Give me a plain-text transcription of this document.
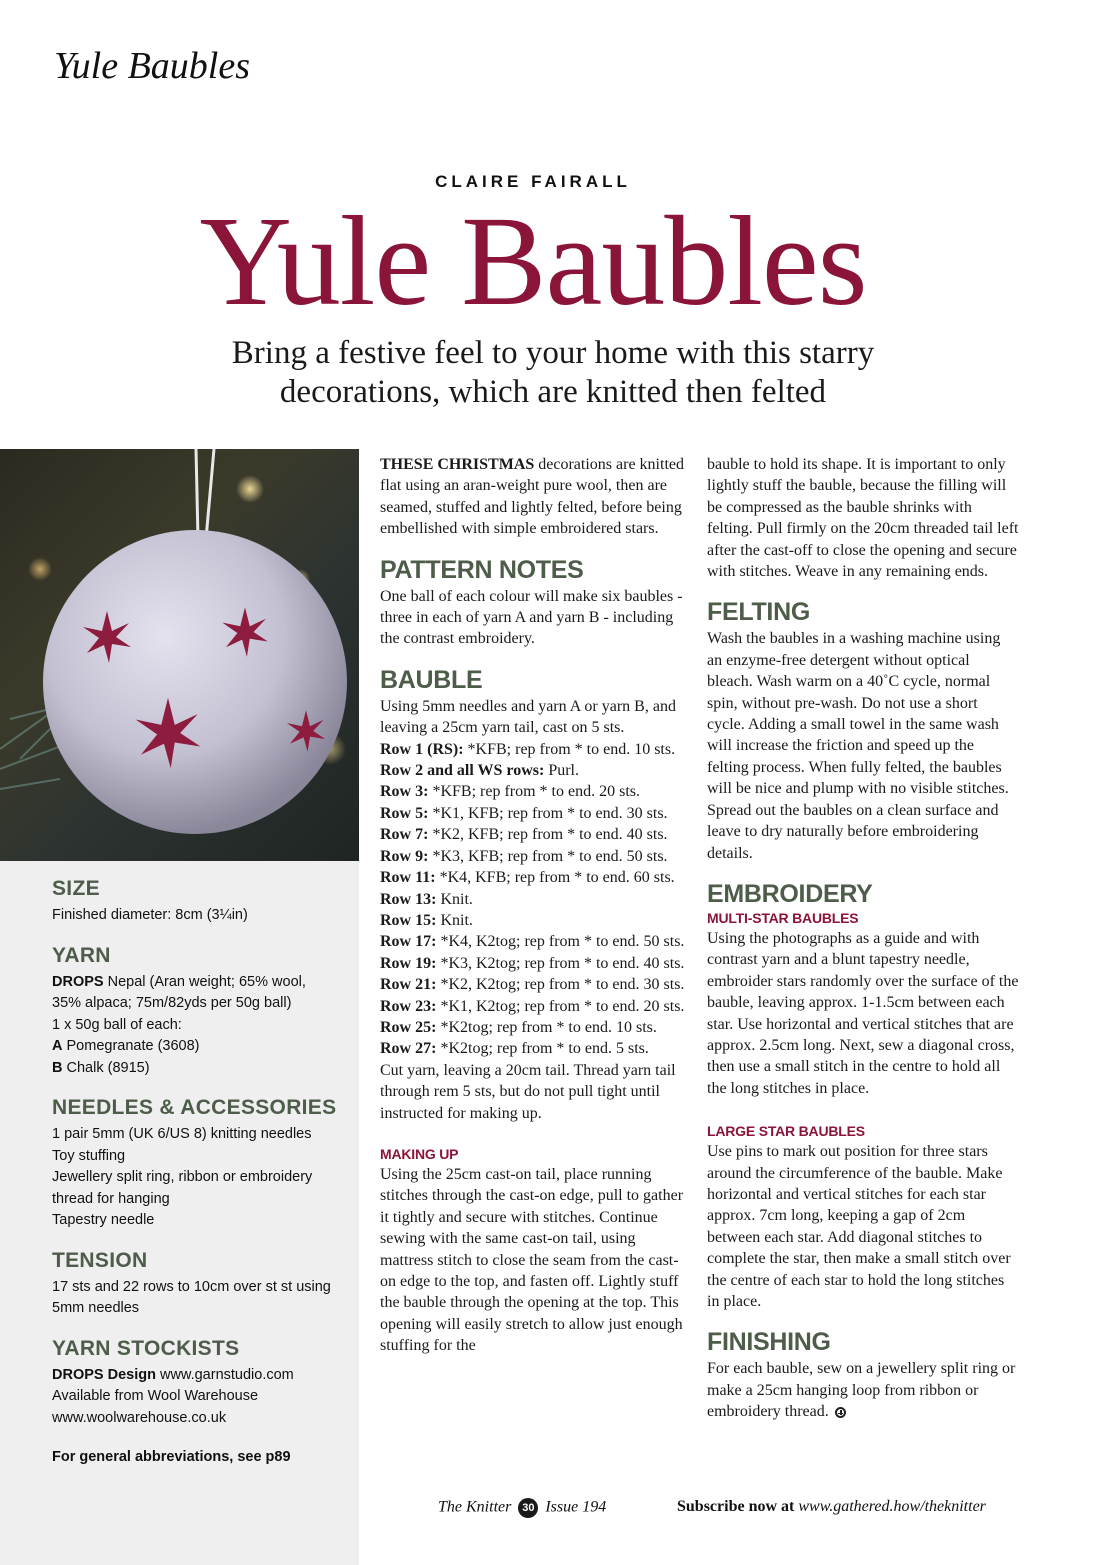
Yule Baubles
CLAIRE FAIRALL
Yule Baubles
Bring a festive feel to your home with this starry
decorations, which are knitted then felted
SIZE

Finished diameter: 8cm (3¼in)

YARN

DROPS Nepal (Aran weight; 65% wool,
35% alpaca; 75m/82yds per 50g ball)
1 x 50g ball of each:
A Pomegranate (3608)
B Chalk (8915)

NEEDLES & ACCESSORIES

1 pair 5mm (UK 6/US 8) knitting needles
Toy stuffing
Jewellery split ring, ribbon or embroidery thread for hanging
Tapestry needle

TENSION

17 sts and 22 rows to 10cm over st st using 5mm needles

YARN STOCKISTS

DROPS Design www.garnstudio.com
Available from Wool Warehouse
www.woolwarehouse.co.uk

For general abbreviations, see p89

THESE CHRISTMAS decorations are knitted flat using an aran-weight pure wool, then are seamed, stuffed and lightly felted, before being embellished with simple embroidered stars.

PATTERN NOTES

One ball of each colour will make six baubles - three in each of yarn A and yarn B - including the contrast embroidery.

BAUBLE

Using 5mm needles and yarn A or yarn B, and leaving a 25cm yarn tail, cast on 5 sts.

Row 1 (RS): *KFB; rep from * to end. 10 sts.

Row 2 and all WS rows: Purl.

Row 3: *KFB; rep from * to end. 20 sts.

Row 5: *K1, KFB; rep from * to end. 30 sts.

Row 7: *K2, KFB; rep from * to end. 40 sts.

Row 9: *K3, KFB; rep from * to end. 50 sts.

Row 11: *K4, KFB; rep from * to end. 60 sts.

Row 13: Knit.

Row 15: Knit.

Row 17: *K4, K2tog; rep from * to end. 50 sts.

Row 19: *K3, K2tog; rep from * to end. 40 sts.

Row 21: *K2, K2tog; rep from * to end. 30 sts.

Row 23: *K1, K2tog; rep from * to end. 20 sts.

Row 25: *K2tog; rep from * to end. 10 sts.

Row 27: *K2tog; rep from * to end. 5 sts.

Cut yarn, leaving a 20cm tail. Thread yarn tail through rem 5 sts, but do not pull tight until instructed for making up.

MAKING UP

Using the 25cm cast-on tail, place running stitches through the cast-on edge, pull to gather it tightly and secure with stitches. Continue sewing with the same cast-on tail, using mattress stitch to close the seam from the cast-on edge to the top, and fasten off. Lightly stuff the bauble through the opening at the top. This opening will easily stretch to allow just enough stuffing for the

bauble to hold its shape. It is important to only lightly stuff the bauble, because the filling will be compressed as the bauble shrinks with felting. Pull firmly on the 20cm threaded tail left after the cast-off to close the opening and secure with stitches. Weave in any remaining ends.

FELTING

Wash the baubles in a washing machine using an enzyme-free detergent without optical bleach. Wash warm on a 40˚C cycle, normal spin, without pre-wash. Do not use a short cycle. Adding a small towel in the same wash will increase the friction and speed up the felting process. When fully felted, the baubles will be nice and plump with no visible stitches. Spread out the baubles on a clean surface and leave to dry naturally before embroidering details.

EMBROIDERY
MULTI-STAR BAUBLES

Using the photographs as a guide and with contrast yarn and a blunt tapestry needle, embroider stars randomly over the surface of the bauble, leaving approx. 1-1.5cm between each star. Use horizontal and vertical stitches that are approx. 2.5cm long. Next, sew a diagonal cross, then use a small stitch in the centre to hold all the long stitches in place.

LARGE STAR BAUBLES

Use pins to mark out position for three stars around the circumference of the bauble. Make horizontal and vertical stitches for each star approx. 7cm long, keeping a gap of 2cm between each star. Add diagonal stitches to complete the star, then make a small stitch over the centre of each star to hold the long stitches in place.

FINISHING

For each bauble, sew on a jewellery split ring or make a 25cm hanging loop from ribbon or embroidery thread.

The Knitter 30 Issue 194	Subscribe now at www.gathered.how/theknitter
